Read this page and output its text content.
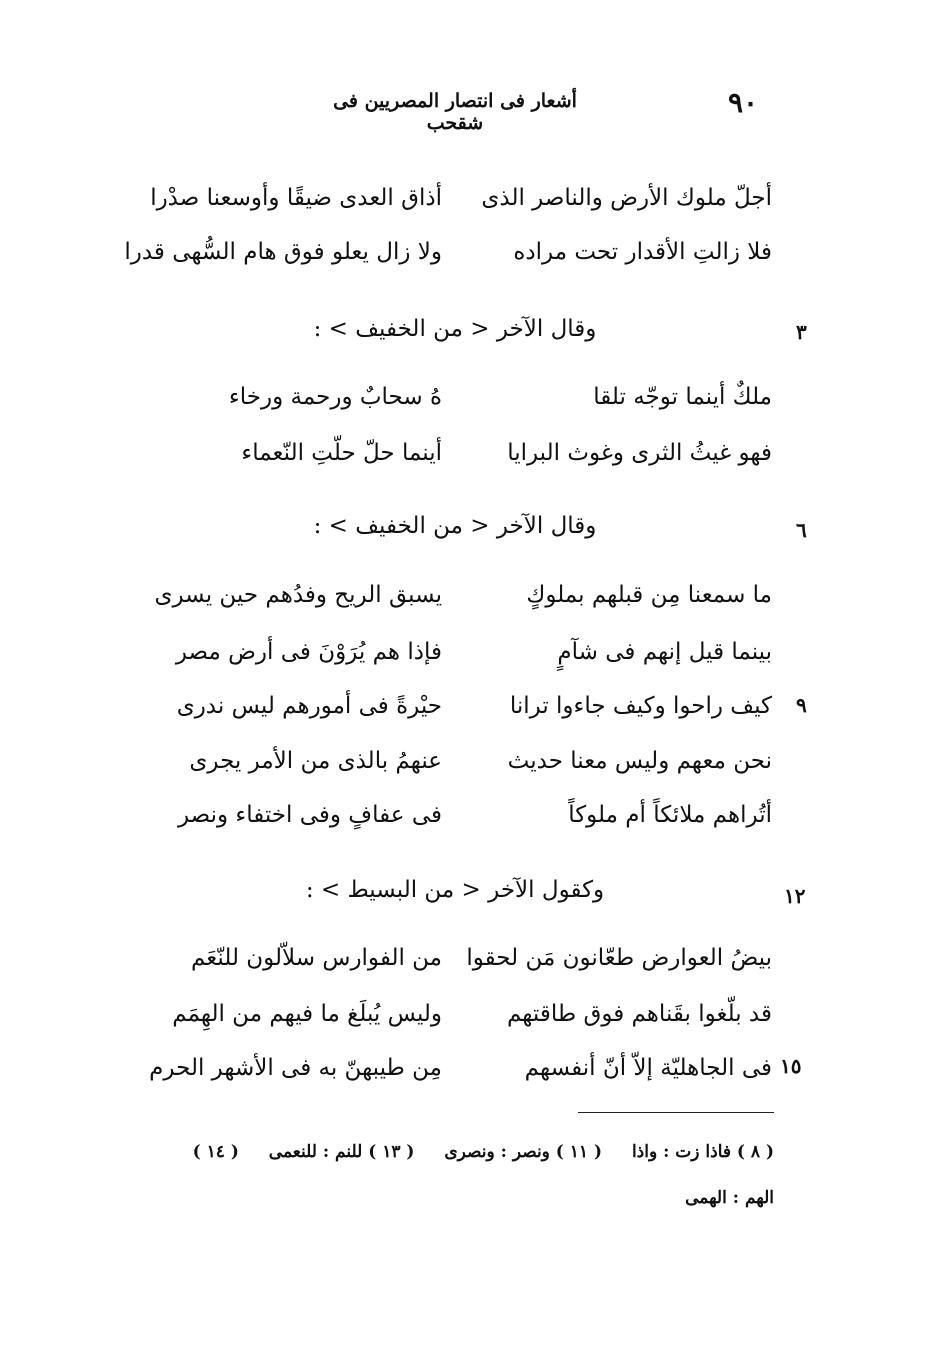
٩٠
أشعار فى انتصار المصريين فى شقحب
أجلّ ملوك الأرض والناصر الذى
أذاق العدى ضيقًا وأوسعنا صدْرا
فلا زالتِ الأقدار تحت مراده
ولا زال يعلو فوق هام السُّهى قدرا
٣
وقال الآخر < من الخفيف > :
ملكٌ أينما توجّه تلقا
هُ سحابٌ ورحمة ورخاء
فهو غيثُ الثرى وغوث البرايا
أينما حلّ حلّتِ النّعماء
٦
وقال الآخر < من الخفيف > :
ما سمعنا مِن قبلهم بملوكٍ
يسبق الريح وفدُهم حين يسرى
بينما قيل إنهم فى شآمٍ
فإذا هم يُرَوْنَ فى أرض مصر
٩
كيف راحوا وكيف جاءوا ترانا
حيْرةً فى أمورهم ليس ندرى
نحن معهم وليس معنا حديث
عنهمُ بالذى من الأمر يجرى
أتُراهم ملائكاً أم ملوكاً
فى عفافٍ وفى اختفاء ونصر
١٢
وكقول الآخر < من البسيط > :
بيضُ العوارض طعّانون مَن لحقوا
من الفوارس سلاّلون للنّعَم
قد بلّغوا بقَناهم فوق طاقتهم
وليس يُبلَغ ما فيهم من الهِمَم
١٥
فى الجاهليّة إلاّ أنّ أنفسهم
مِن طيبهنّ به فى الأشهر الحرم
( ٨ ) فاذا زت : واذا ( ١١ ) ونصر : ونصرى ( ١٣ ) للنم : للنعمى ( ١٤ )
الهم : الهمى
